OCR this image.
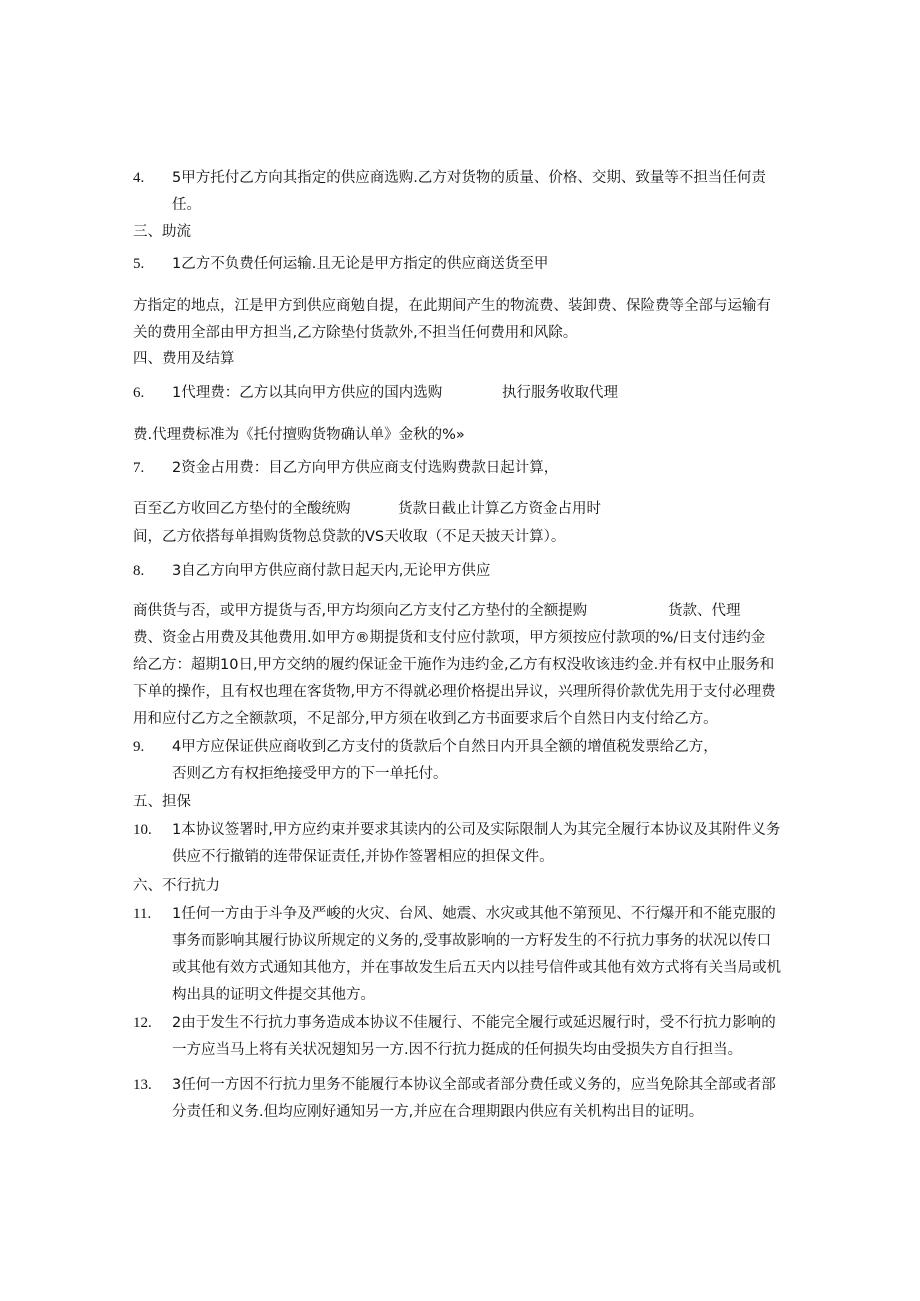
4. 5甲方托付乙方向其指定的供应商选购.乙方对货物的质量、价格、交期、致量等不担当任何责
任。
三、助流
5. 1乙方不负费任何运输.且无论是甲方指定的供应商送货至甲
方指定的地点，江是甲方到供应商勉自提，在此期间产生的物流费、装卸费、保险费等全部与运输有
关的费用全部由甲方担当,乙方除垫付货款外,不担当任何费用和风除。
四、费用及结算
6. 1代理费：乙方以其向甲方供应的国内选购	执行服务收取代理
费.代理费标准为《托付擅购货物确认单》金秋的%»
7. 2资金占用费：目乙方向甲方供应商支付选购费款日起计算，
百至乙方收回乙方垫付的全酸统购	货款日截止计算乙方资金占用时
间，乙方依搭每单揖购货物总贷款的VS天收取（不足天披天计算）。
8. 3自乙方向甲方供应商付款日起天内,无论甲方供应
商供货与否，或甲方提货与否,甲方均须向乙方支付乙方垫付的全额提购	货款、代理
费、资金占用费及其他费用.如甲方®期提货和支付应付款项，甲方须按应付款项的%/日支付违约金
给乙方：超期10日,甲方交纳的履约保证金干施作为违约金,乙方有权没收该违约金.并有权中止服务和
下单的操作，且有权也理在客货物,甲方不得就必理价格提出异议，兴理所得价款优先用于支付必理费
用和应付乙方之全额款项，不足部分,甲方须在收到乙方书面要求后个自然日内支付给乙方。
9. 4甲方应保证供应商收到乙方支付的货款后个自然日内开具全额的增值税发票给乙方，
否则乙方有权拒绝接受甲方的下一单托付。
五、担保
10. 1本协议签署时,甲方应约束并要求其读内的公司及实际限制人为其完全履行本协议及其附件义务
供应不行撤销的连带保证责任,并协作签署相应的担保文件。
六、不行抗力
11. 1任何一方由于斗争及严峻的火灾、台风、她震、水灾或其他不第预见、不行爆开和不能克服的
事务而影响其履行协议所规定的义务的,受事故影响的一方籽发生的不行抗力事务的状况以传口
或其他有效方式通知其他方，并在事故发生后五天内以挂号信件或其他有效方式将有关当局或机
构出具的证明文件提交其他方。
12. 2由于发生不行抗力事务造成本协议不佳履行、不能完全履行或延迟履行时，受不行抗力影响的
一方应当马上将有关状况翅知另一方.因不行抗力挺成的任何损失均由受损失方自行担当。
13. 3任何一方因不行抗力里务不能履行本协议全部或者部分费任或义务的，应当免除其全部或者部
分责任和义务.但均应刚好通知另一方,并应在合理期跟内供应有关机构出目的证明。
